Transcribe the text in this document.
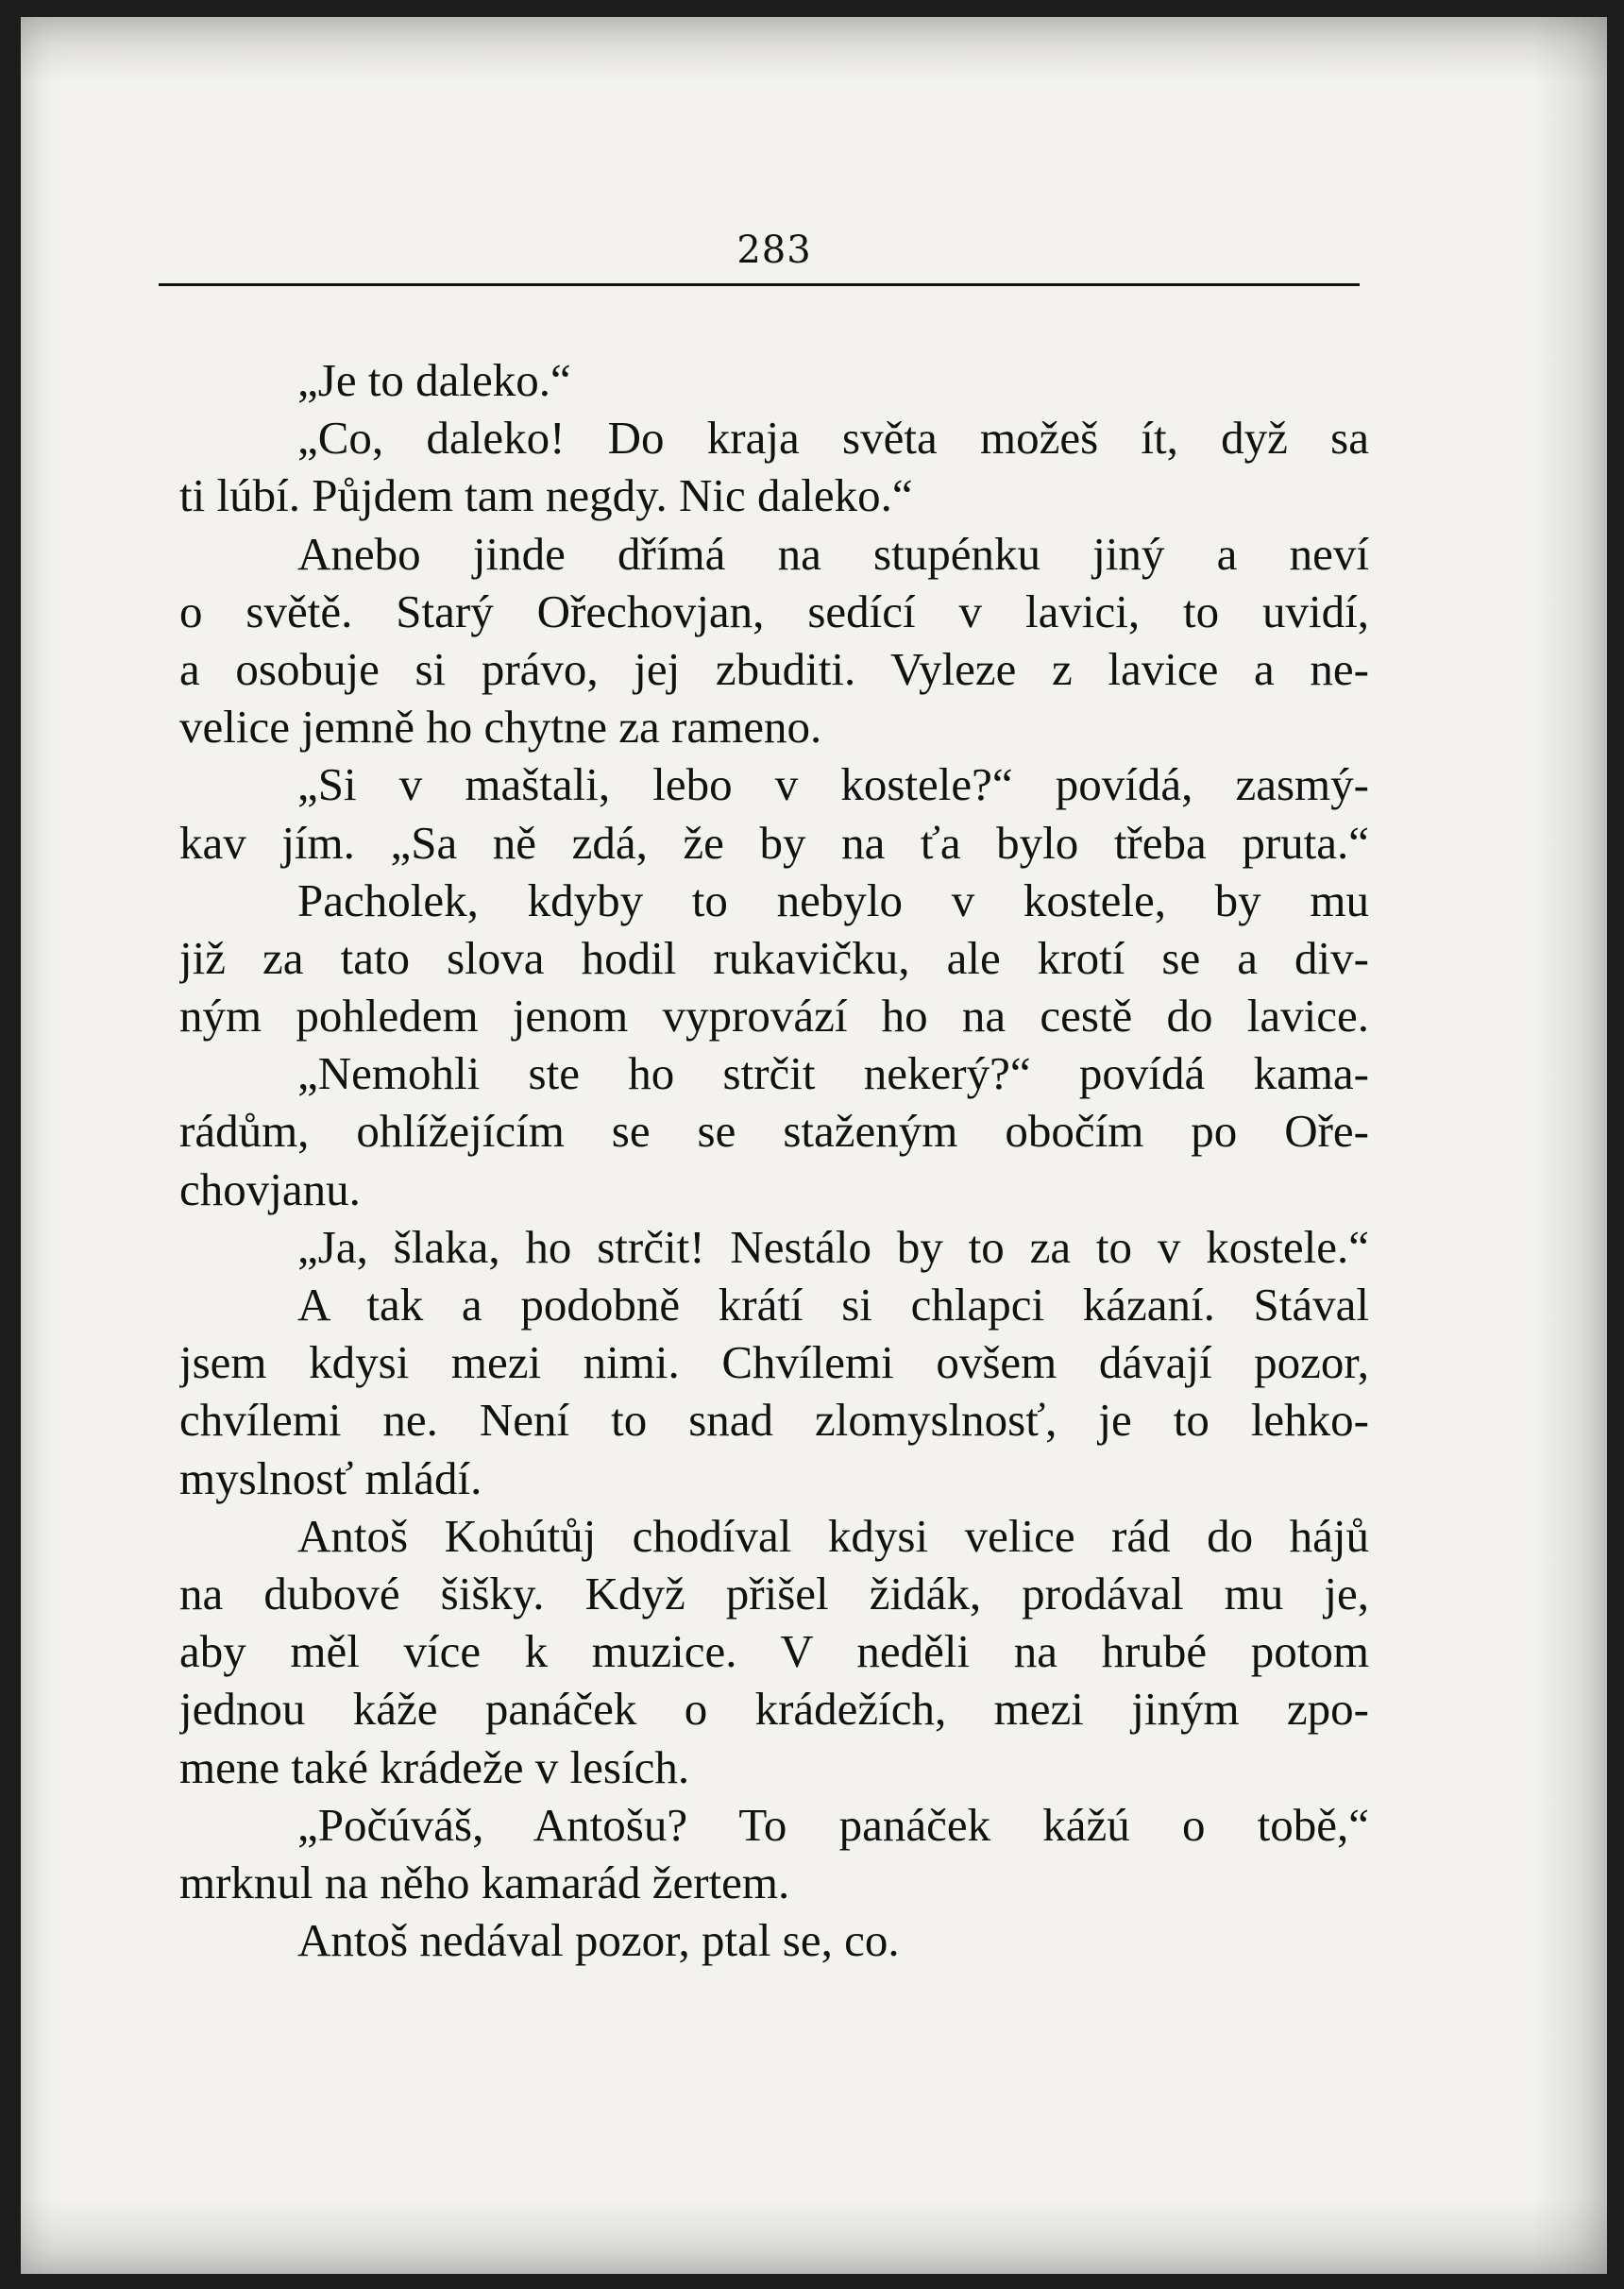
283
„Je to daleko.“
„Co, daleko! Do kraja světa možeš ít, dyž sa
ti lúbí. Půjdem tam negdy. Nic daleko.“
Anebo jinde dřímá na stupénku jiný a neví
o světě. Starý Ořechovjan, sedící v lavici, to uvidí,
a osobuje si právo, jej zbuditi. Vyleze z lavice a ne-
velice jemně ho chytne za rameno.
„Si v maštali, lebo v kostele?“ povídá, zasmý-
kav jím. „Sa ně zdá, že by na ťa bylo třeba pruta.“
Pacholek, kdyby to nebylo v kostele, by mu
již za tato slova hodil rukavičku, ale krotí se a div-
ným pohledem jenom vyprovází ho na cestě do lavice.
„Nemohli ste ho strčit nekerý?“ povídá kama-
rádům, ohlížejícím se se staženým obočím po Oře-
chovjanu.
„Ja, šlaka, ho strčit! Nestálo by to za to v kostele.“
A tak a podobně krátí si chlapci kázaní. Stával
jsem kdysi mezi nimi. Chvílemi ovšem dávají pozor,
chvílemi ne. Není to snad zlomyslnosť, je to lehko-
myslnosť mládí.
Antoš Kohútůj chodíval kdysi velice rád do hájů
na dubové šišky. Když přišel židák, prodával mu je,
aby měl více k muzice. V neděli na hrubé potom
jednou káže panáček o krádežích, mezi jiným zpo-
mene také krádeže v lesích.
„Počúváš, Antošu? To panáček kážú o tobě,“
mrknul na něho kamarád žertem.
Antoš nedával pozor, ptal se, co.
